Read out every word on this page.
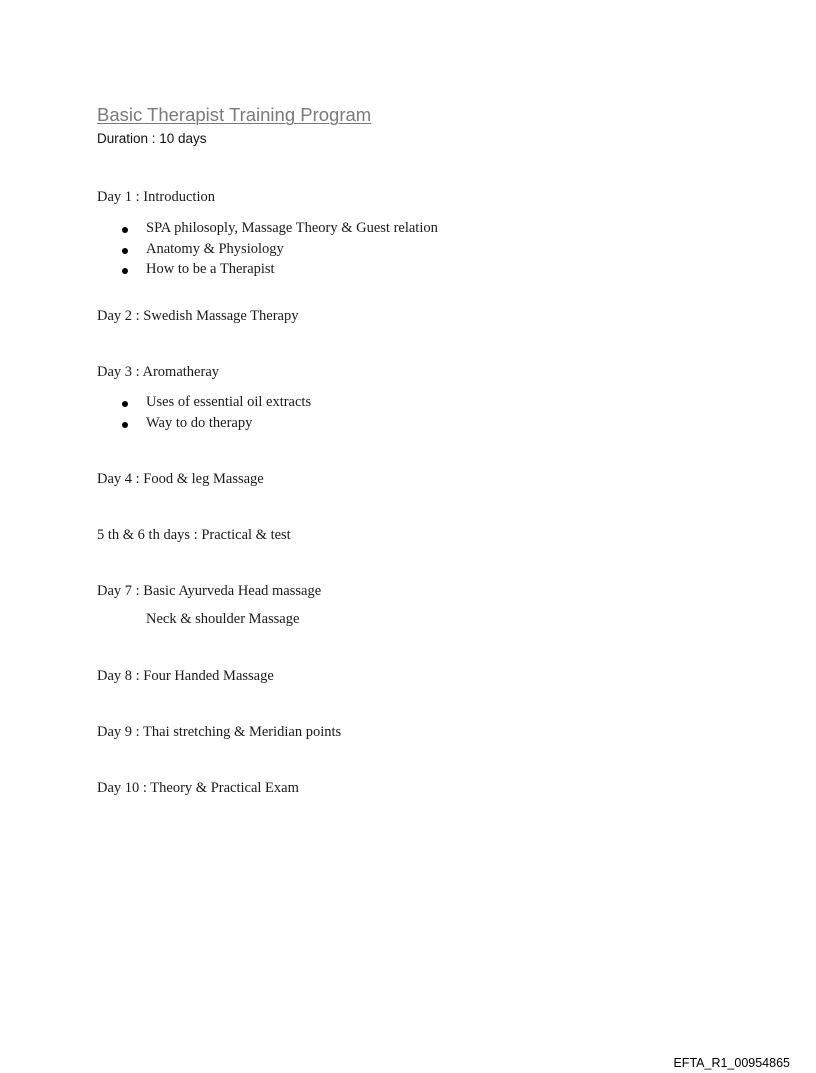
Basic Therapist Training Program
Duration : 10 days
Day 1 : Introduction
SPA philosoply, Massage Theory & Guest relation
Anatomy & Physiology
How to be a Therapist
Day 2 : Swedish Massage Therapy
Day 3 : Aromatheray
Uses of essential oil extracts
Way to do therapy
Day 4 : Food & leg Massage
5 th & 6 th days : Practical & test
Day 7 : Basic Ayurveda Head massage
Neck & shoulder Massage
Day 8 : Four Handed Massage
Day 9 : Thai stretching & Meridian points
Day 10 : Theory & Practical Exam
EFTA_R1_00954865
